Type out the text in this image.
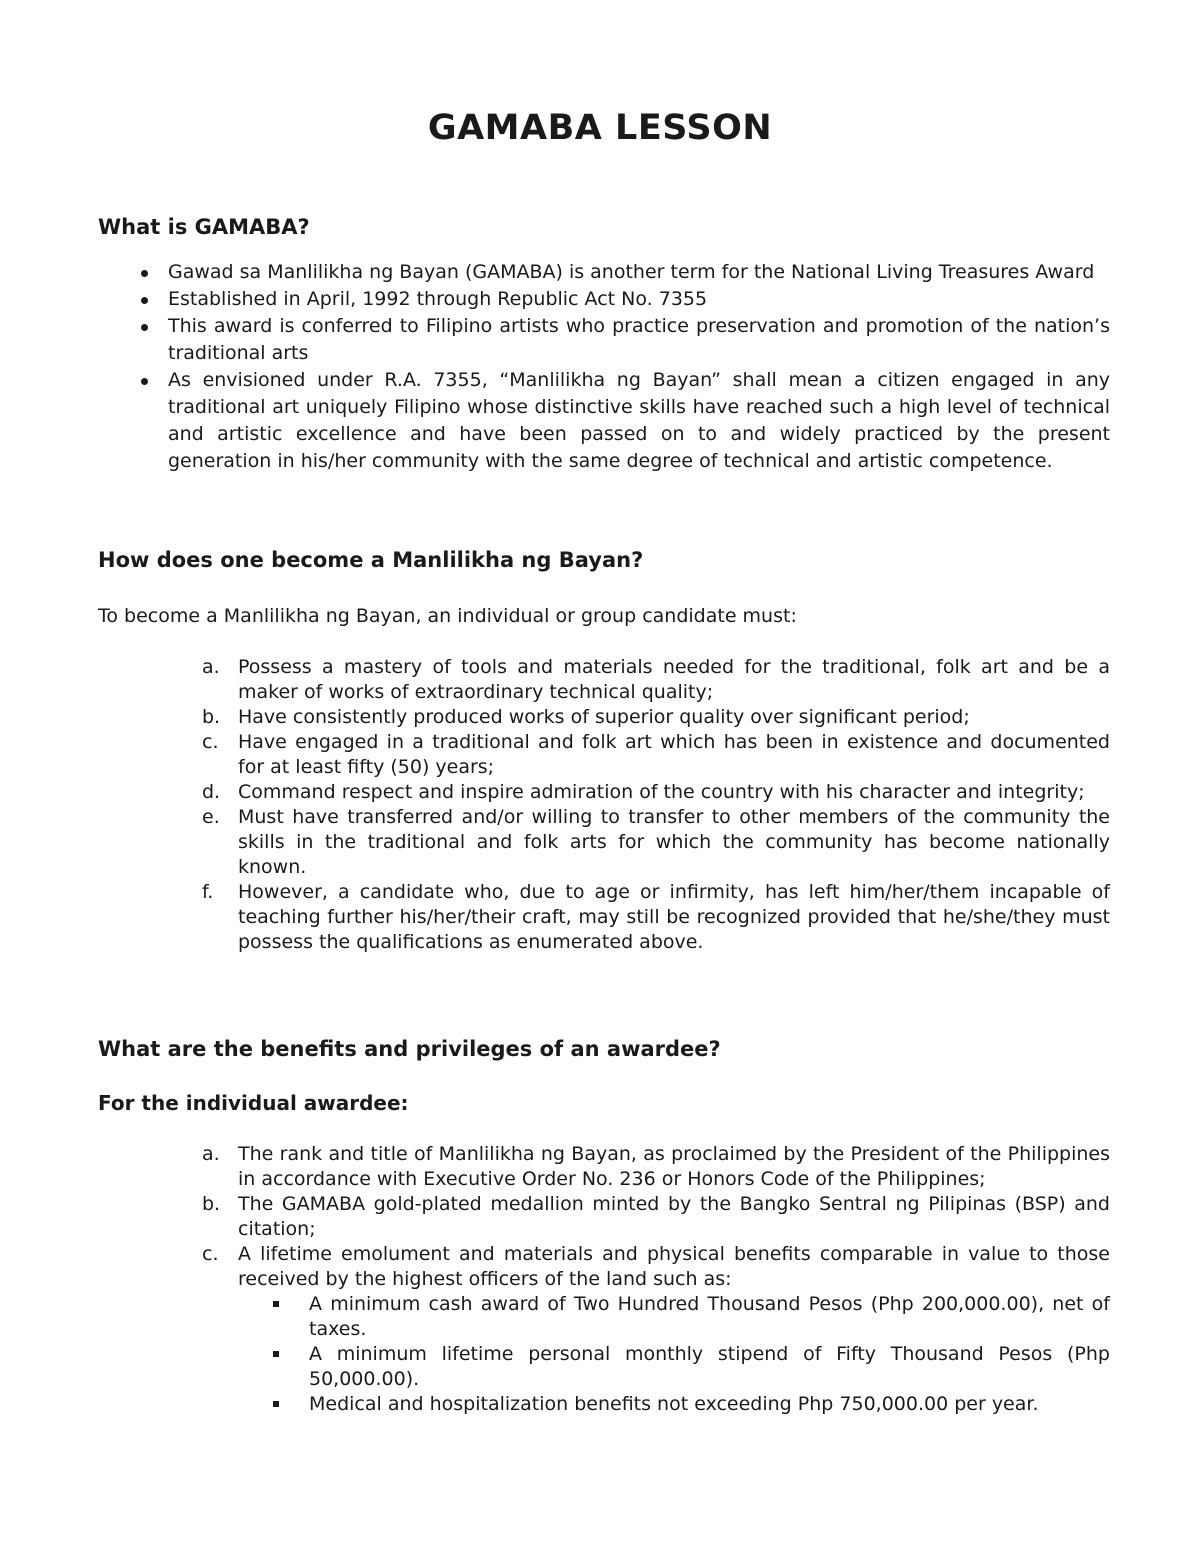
GAMABA LESSON
What is GAMABA?
Gawad sa Manlilikha ng Bayan (GAMABA) is another term for the National Living Treasures Award
Established in April, 1992 through Republic Act No. 7355
This award is conferred to Filipino artists who practice preservation and promotion of the nation’s traditional arts
As envisioned under R.A. 7355, “Manlilikha ng Bayan” shall mean a citizen engaged in any traditional art uniquely Filipino whose distinctive skills have reached such a high level of technical and artistic excellence and have been passed on to and widely practiced by the present generation in his/her community with the same degree of technical and artistic competence.
How does one become a Manlilikha ng Bayan?

To become a Manlilikha ng Bayan, an individual or group candidate must:

a. Possess a mastery of tools and materials needed for the traditional, folk art and be a maker of works of extraordinary technical quality;
b. Have consistently produced works of superior quality over significant period;
c. Have engaged in a traditional and folk art which has been in existence and documented for at least fifty (50) years;
d. Command respect and inspire admiration of the country with his character and integrity;
e. Must have transferred and/or willing to transfer to other members of the community the skills in the traditional and folk arts for which the community has become nationally known.
f. However, a candidate who, due to age or infirmity, has left him/her/them incapable of teaching further his/her/their craft, may still be recognized provided that he/she/they must possess the qualifications as enumerated above.
What are the benefits and privileges of an awardee?
For the individual awardee:
a. The rank and title of Manlilikha ng Bayan, as proclaimed by the President of the Philippines in accordance with Executive Order No. 236 or Honors Code of the Philippines;
b. The GAMABA gold-plated medallion minted by the Bangko Sentral ng Pilipinas (BSP) and citation;
c. A lifetime emolument and materials and physical benefits comparable in value to those received by the highest officers of the land such as:
A minimum cash award of Two Hundred Thousand Pesos (Php 200,000.00), net of taxes.
A minimum lifetime personal monthly stipend of Fifty Thousand Pesos (Php 50,000.00).
Medical and hospitalization benefits not exceeding Php 750,000.00 per year.
